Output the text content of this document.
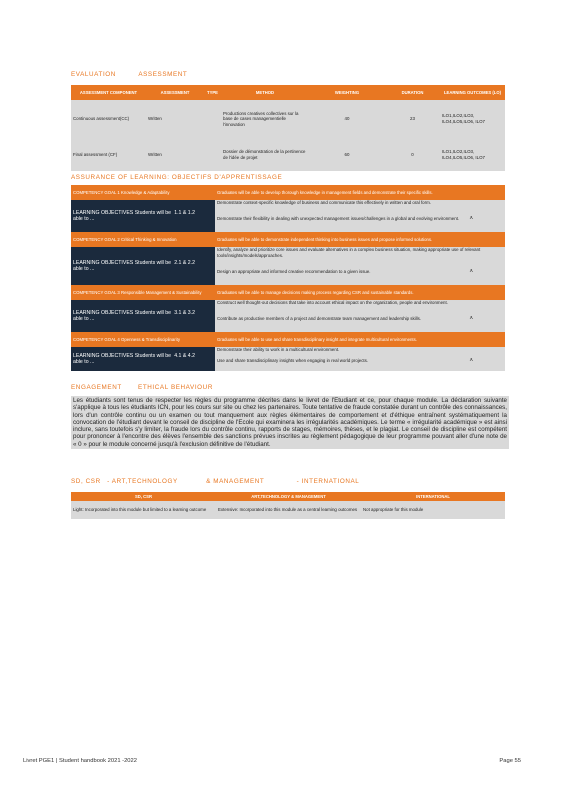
EVALUATION	ASSESSMENT
ASSESSMENT COMPONENT	ASSESSMENT	TYPE	METHOD	WEIGHTING	DURATION	LEARNING OUTCOMES (LO)
Continuous assessment(CC)	Written		Productions creatives collectives sur la base de cases managementielle l'innovation	40	23	ILO1,ILO2,ILO3, ILO4,ILO5,ILO6, ILO7
Final assessment (CF)	Written		Dossier de démonstration de la pertinence de l'idée de projet	60	0	ILO1,ILO2,ILO3, ILO4,ILO5,ILO6, ILO7
ASSURANCE OF LEARNING: OBJECTIFS D'APPRENTISSAGE
COMPETENCY GOAL 1 Knowledge & Adaptability	Graduates will be able to develop thorough knowledge in management fields and demonstrate their specific skills.

1.1 & 1.2
LEARNING OBJECTIVES Students will be able to ...	Demonstrate context-specific knowledge of business and communicate this effectively in written and oral form.
	Demonstrate their flexibility in dealing with unexpected management issues/challenges in a global and evolving environment. X

COMPETENCY GOAL 2 Critical Thinking & Innovation	Graduates will be able to demonstrate independent thinking into business issues and propose informed solutions.

2.1 & 2.2
LEARNING OBJECTIVES Students will be able to ...	Identify, analyze and prioritize core issues and evaluate alternatives in a complex business situation, making appropriate use of relevant tools/insights/models/approaches.
	Design an appropriate and informed creative recommendation to a given issue. X

COMPETENCY GOAL 3 Responsible Management & Sustainability	Graduates will be able to manage decisions making process regarding CSR and sustainable standards.

3.1 & 3.2
LEARNING OBJECTIVES Students will be able to ...	Construct well thought-out decisions that take into account ethical impact on the organization, people and environment.
	Contribute as productive members of a project and demonstrate team management and leadership skills. X

COMPETENCY GOAL 4 Openness & Transdisciplinarity	Graduates will be able to use and share transdisciplinary insight and integrate multicultural environments.

4.1 & 4.2
LEARNING OBJECTIVES Students will be able to ...	Demonstrate their ability to work in a multicultural environment.
	Use and share transdisciplinary insights when engaging in real world projects. X
ENGAGEMENT	ETHICAL BEHAVIOUR
Les étudiants sont tenus de respecter les règles du programme décrites dans le livret de l'Etudiant et ce, pour chaque module. La déclaration suivante s'applique à tous les étudiants ICN, pour les cours sur site ou chez les partenaires. Toute tentative de fraude constatée durant un contrôle des connaissances, lors d'un contrôle continu ou un examen ou tout manquement aux règles élémentaires de comportement et d'éthique entraînent systématiquement la convocation de l'étudiant devant le conseil de discipline de l'Ecole qui examinera les irrégularités académiques. Le terme « irrégularité académique » est ainsi inclure, sans toutefois s'y limiter, la fraude lors du contrôle continu, rapports de stages, mémoires, thèses, et le plagiat. Le conseil de discipline est compétent pour prononcer à l'encontre des élèves l'ensemble des sanctions prévues inscrites au règlement pédagogique de leur programme pouvant aller d'une note de « 0 » pour le module concerné jusqu'à l'exclusion définitive de l'étudiant.
SD, CSR - ART,TECHNOLOGY	& MANAGEMENT	- INTERNATIONAL
SD, CSR	ART,TECHNOLOGY & MANAGEMENT	INTERNATIONAL
Light: Incorporated into this module but limited to a learning outcome	Extensive: Incorporated into this module as a central learning outcomes	Not appropriate for this module
Livret PGE1 | Student handbook 2021 -2022	Page 55
